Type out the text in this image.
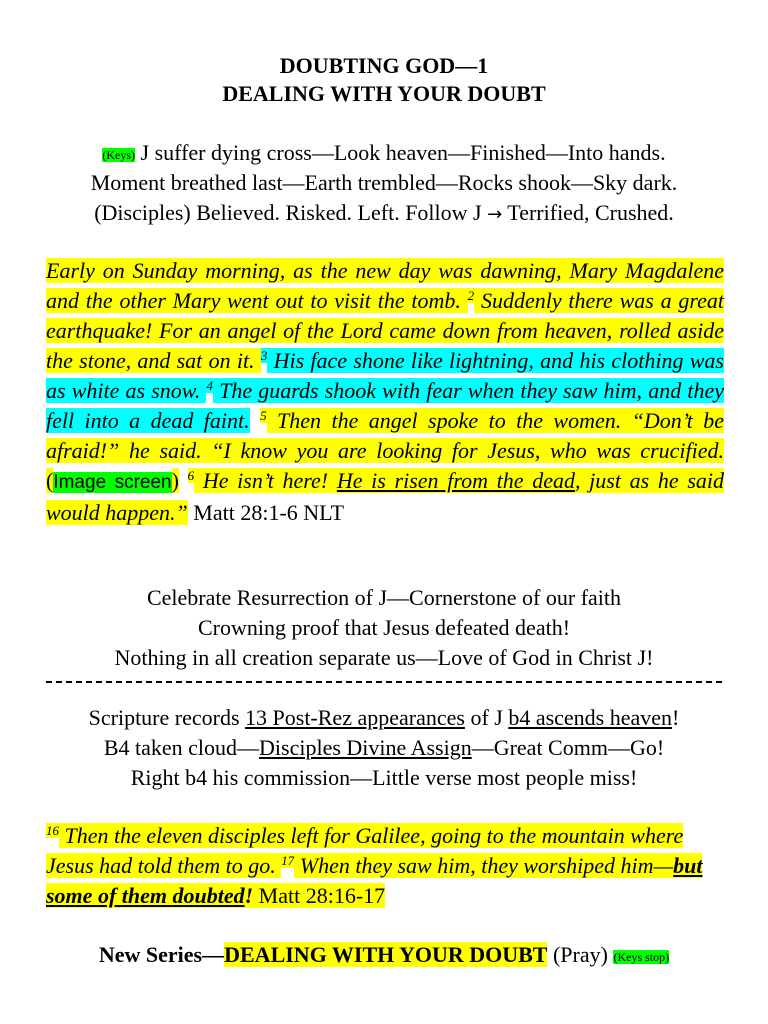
DOUBTING GOD—1
DEALING WITH YOUR DOUBT
(Keys) J suffer dying cross—Look heaven—Finished—Into hands.
Moment breathed last—Earth trembled—Rocks shook—Sky dark.
(Disciples) Believed. Risked. Left. Follow J → Terrified, Crushed.
Early on Sunday morning, as the new day was dawning, Mary Magdalene and the other Mary went out to visit the tomb. $^2$ Suddenly there was a great earthquake! For an angel of the Lord came down from heaven, rolled aside the stone, and sat on it. $^3$ His face shone like lightning, and his clothing was as white as snow. $^4$ The guards shook with fear when they saw him, and they fell into a dead faint. $^5$ Then the angel spoke to the women. “Don’t be afraid!” he said. “I know you are looking for Jesus, who was crucified. (Image screen) $^6$ He isn’t here! He is risen from the dead, just as he said would happen.” Matt 28:1-6 NLT
Celebrate Resurrection of J—Cornerstone of our faith
Crowning proof that Jesus defeated death!
Nothing in all creation separate us—Love of God in Christ J!
Scripture records 13 Post-Rez appearances of J b4 ascends heaven!
B4 taken cloud—Disciples Divine Assign—Great Comm—Go!
Right b4 his commission—Little verse most people miss!
$^{16}$ Then the eleven disciples left for Galilee, going to the mountain where Jesus had told them to go. $^{17}$ When they saw him, they worshiped him—but some of them doubted! Matt 28:16-17
New Series—DEALING WITH YOUR DOUBT (Pray) (Keys stop)
